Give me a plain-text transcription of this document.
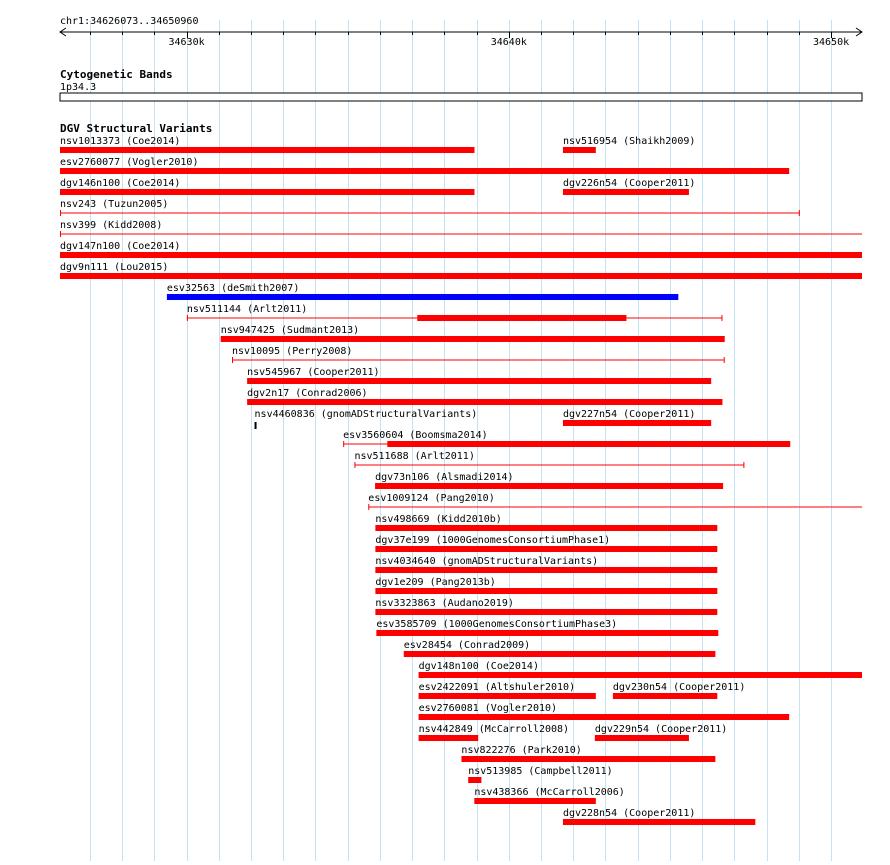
chr1:34626073..34650960
34630k	34640k	34650k
Cytogenetic Bands
1p34.3
DGV Structural Variants
nsv1013373 (Coe2014)	nsv516954 (Shaikh2009)
esv2760077 (Vogler2010)
dgv146n100 (Coe2014)	dgv226n54 (Cooper2011)
nsv243 (Tuzun2005)
nsv399 (Kidd2008)
dgv147n100 (Coe2014)
dgv9n111 (Lou2015)
esv32563 (deSmith2007)
nsv511144 (Arlt2011)
nsv947425 (Sudmant2013)
nsv10095 (Perry2008)
nsv545967 (Cooper2011)
dgv2n17 (Conrad2006)
nsv4460836 (gnomADStructuralVariants)	dgv227n54 (Cooper2011)
esv3560604 (Boomsma2014)
nsv511688 (Arlt2011)
dgv73n106 (Alsmadi2014)
esv1009124 (Pang2010)
nsv498669 (Kidd2010b)
dgv37e199 (1000GenomesConsortiumPhase1)
nsv4034640 (gnomADStructuralVariants)
dgv1e209 (Pang2013b)
nsv3323863 (Audano2019)
esv3585709 (1000GenomesConsortiumPhase3)
esv28454 (Conrad2009)
dgv148n100 (Coe2014)
esv2422091 (Altshuler2010)	dgv230n54 (Cooper2011)
esv2760081 (Vogler2010)
nsv442849 (McCarroll2008)	dgv229n54 (Cooper2011)
nsv822276 (Park2010)
nsv513985 (Campbell2011)
nsv438366 (McCarroll2006)
dgv228n54 (Cooper2011)
